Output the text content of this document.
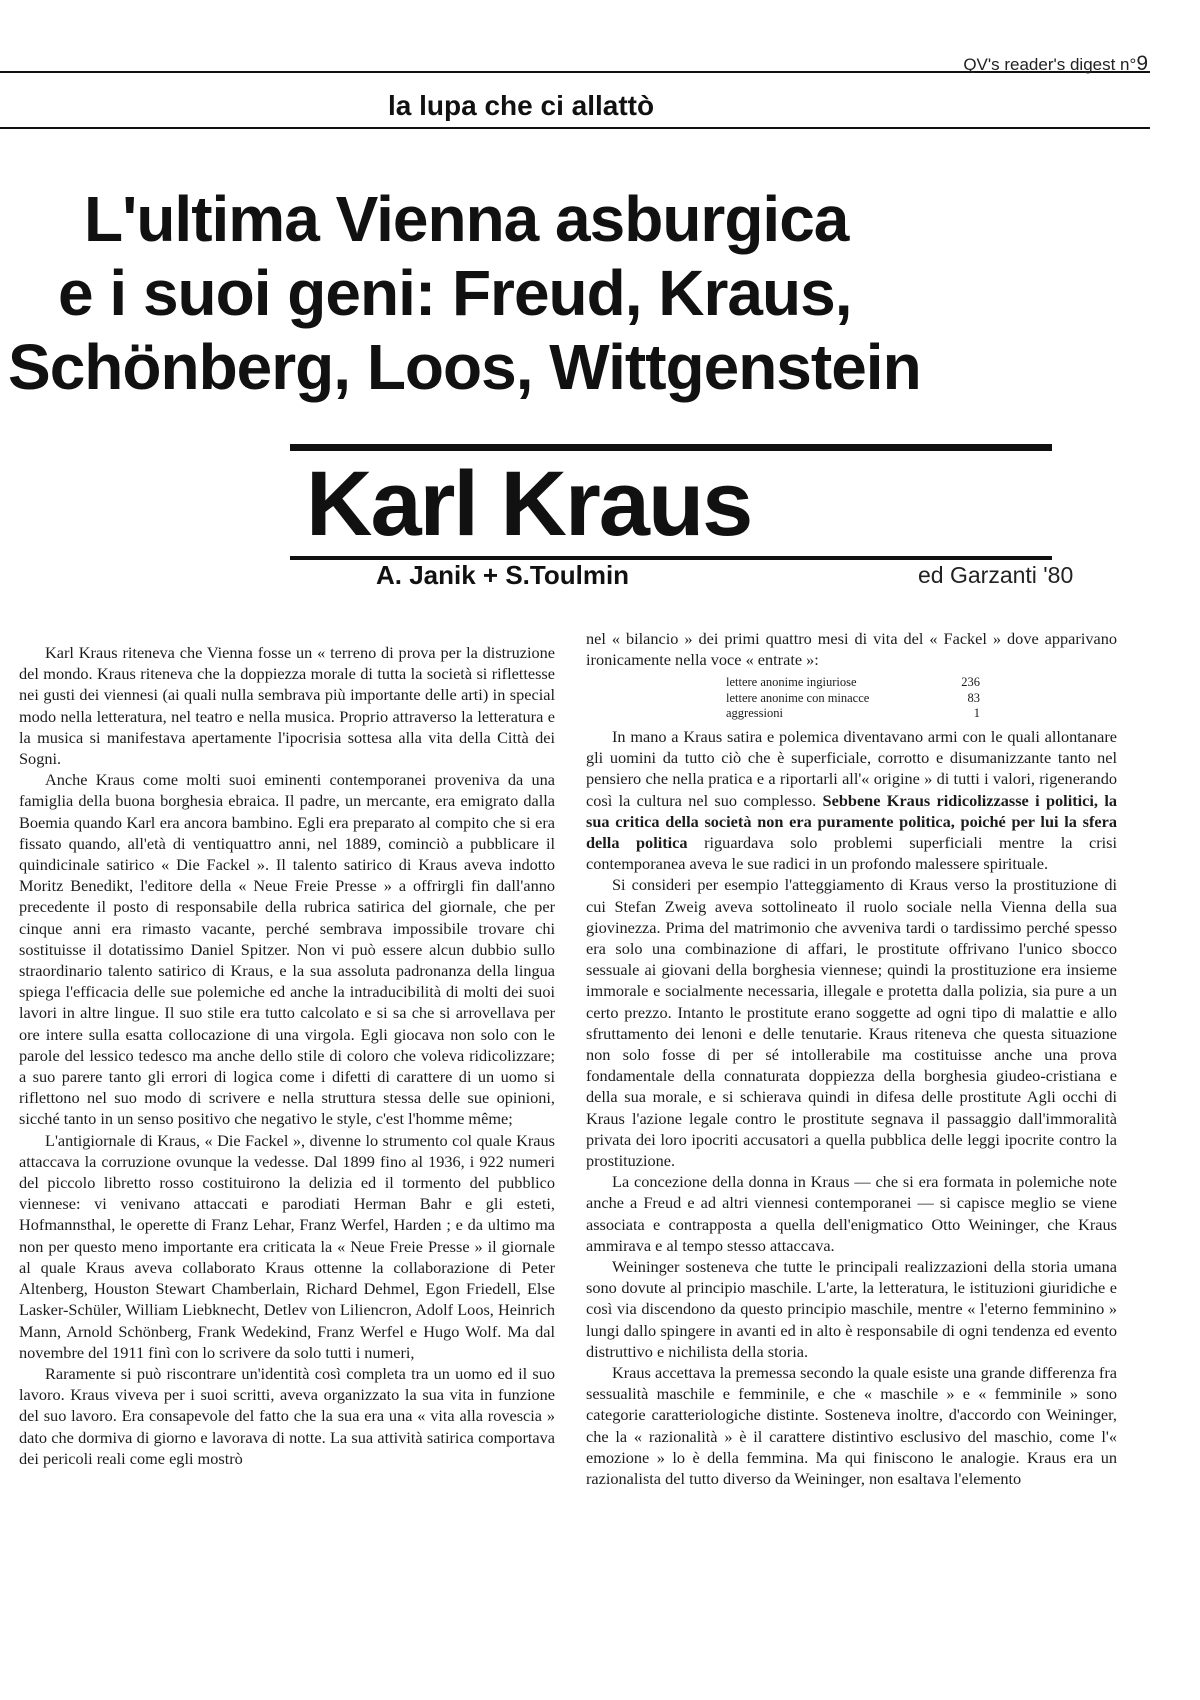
QV's reader's digest n°9
la lupa che ci allattò
L'ultima Vienna asburgica
e i suoi geni: Freud, Kraus,
Schönberg, Loos, Wittgenstein
Karl Kraus
A. Janik + S.Toulmin	ed Garzanti '80

Karl Kraus riteneva che Vienna fosse un « terreno di prova per la distruzione del mondo. Kraus riteneva che la doppiezza morale di tutta la società si riflettesse nei gusti dei viennesi (ai quali nulla sembrava più importante delle arti) in special modo nella letteratura, nel teatro e nella musica. Proprio attraverso la letteratura e la musica si manifestava apertamente l'ipocrisia sottesa alla vita della Città dei Sogni.

Anche Kraus come molti suoi eminenti contemporanei proveniva da una famiglia della buona borghesia ebraica. Il padre, un mercante, era emigrato dalla Boemia quando Karl era ancora bambino. Egli era preparato al compito che si era fissato quando, all'età di ventiquattro anni, nel 1889, cominciò a pubblicare il quindicinale satirico « Die Fackel ». Il talento satirico di Kraus aveva indotto Moritz Benedikt, l'editore della « Neue Freie Presse » a offrirgli fin dall'anno precedente il posto di responsabile della rubrica satirica del giornale, che per cinque anni era rimasto vacante, perché sembrava impossibile trovare chi sostituisse il dotatissimo Daniel Spitzer. Non vi può essere alcun dubbio sullo straordinario talento satirico di Kraus, e la sua assoluta padronanza della lingua spiega l'efficacia delle sue polemiche ed anche la intraducibilità di molti dei suoi lavori in altre lingue. Il suo stile era tutto calcolato e si sa che si arrovellava per ore intere sulla esatta collocazione di una virgola. Egli giocava non solo con le parole del lessico tedesco ma anche dello stile di coloro che voleva ridicolizzare; a suo parere tanto gli errori di logica come i difetti di carattere di un uomo si riflettono nel suo modo di scrivere e nella struttura stessa delle sue opinioni, sicché tanto in un senso positivo che negativo le style, c'est l'homme même;

L'antigiornale di Kraus, « Die Fackel », divenne lo strumento col quale Kraus attaccava la corruzione ovunque la vedesse. Dal 1899 fino al 1936, i 922 numeri del piccolo libretto rosso costituirono la delizia ed il tormento del pubblico viennese: vi venivano attaccati e parodiati Herman Bahr e gli esteti, Hofmannsthal, le operette di Franz Lehar, Franz Werfel, Harden ; e da ultimo ma non per questo meno importante era criticata la « Neue Freie Presse » il giornale al quale Kraus aveva collaborato Kraus ottenne la collaborazione di Peter Altenberg, Houston Stewart Chamberlain, Richard Dehmel, Egon Friedell, Else Lasker-Schüler, William Liebknecht, Detlev von Liliencron, Adolf Loos, Heinrich Mann, Arnold Schönberg, Frank Wedekind, Franz Werfel e Hugo Wolf. Ma dal novembre del 1911 finì con lo scrivere da solo tutti i numeri,

Raramente si può riscontrare un'identità così completa tra un uomo ed il suo lavoro. Kraus viveva per i suoi scritti, aveva organizzato la sua vita in funzione del suo lavoro. Era consapevole del fatto che la sua era una « vita alla rovescia » dato che dormiva di giorno e lavorava di notte. La sua attività satirica comportava dei pericoli reali come egli mostrò

nel « bilancio » dei primi quattro mesi di vita del « Fackel » dove apparivano ironicamente nella voce « entrate »:

lettere anonime ingiuriose	236
lettere anonime con minacce	83
aggressioni	1

In mano a Kraus satira e polemica diventavano armi con le quali allontanare gli uomini da tutto ciò che è superficiale, corrotto e disumanizzante tanto nel pensiero che nella pratica e a riportarli all'« origine » di tutti i valori, rigenerando così la cultura nel suo complesso. Sebbene Kraus ridicolizzasse i politici, la sua critica della società non era puramente politica, poiché per lui la sfera della politica riguardava solo problemi superficiali mentre la crisi contemporanea aveva le sue radici in un profondo malessere spirituale.

Si consideri per esempio l'atteggiamento di Kraus verso la prostituzione di cui Stefan Zweig aveva sottolineato il ruolo sociale nella Vienna della sua giovinezza. Prima del matrimonio che avveniva tardi o tardissimo perché spesso era solo una combinazione di affari, le prostitute offrivano l'unico sbocco sessuale ai giovani della borghesia viennese; quindi la prostituzione era insieme immorale e socialmente necessaria, illegale e protetta dalla polizia, sia pure a un certo prezzo. Intanto le prostitute erano soggette ad ogni tipo di malattie e allo sfruttamento dei lenoni e delle tenutarie. Kraus riteneva che questa situazione non solo fosse di per sé intollerabile ma costituisse anche una prova fondamentale della connaturata doppiezza della borghesia giudeo-cristiana e della sua morale, e si schierava quindi in difesa delle prostitute Agli occhi di Kraus l'azione legale contro le prostitute segnava il passaggio dall'immoralità privata dei loro ipocriti accusatori a quella pubblica delle leggi ipocrite contro la prostituzione.

La concezione della donna in Kraus — che si era formata in polemiche note anche a Freud e ad altri viennesi contemporanei — si capisce meglio se viene associata e contrapposta a quella dell'enigmatico Otto Weininger, che Kraus ammirava e al tempo stesso attaccava.

Weininger sosteneva che tutte le principali realizzazioni della storia umana sono dovute al principio maschile. L'arte, la letteratura, le istituzioni giuridiche e così via discendono da questo principio maschile, mentre « l'eterno femminino » lungi dallo spingere in avanti ed in alto è responsabile di ogni tendenza ed evento distruttivo e nichilista della storia.

Kraus accettava la premessa secondo la quale esiste una grande differenza fra sessualità maschile e femminile, e che « maschile » e « femminile » sono categorie caratteriologiche distinte. Sosteneva inoltre, d'accordo con Weininger, che la « razionalità » è il carattere distintivo esclusivo del maschio, come l'« emozione » lo è della femmina. Ma qui finiscono le analogie. Kraus era un razionalista del tutto diverso da Weininger, non esaltava l'elemento
